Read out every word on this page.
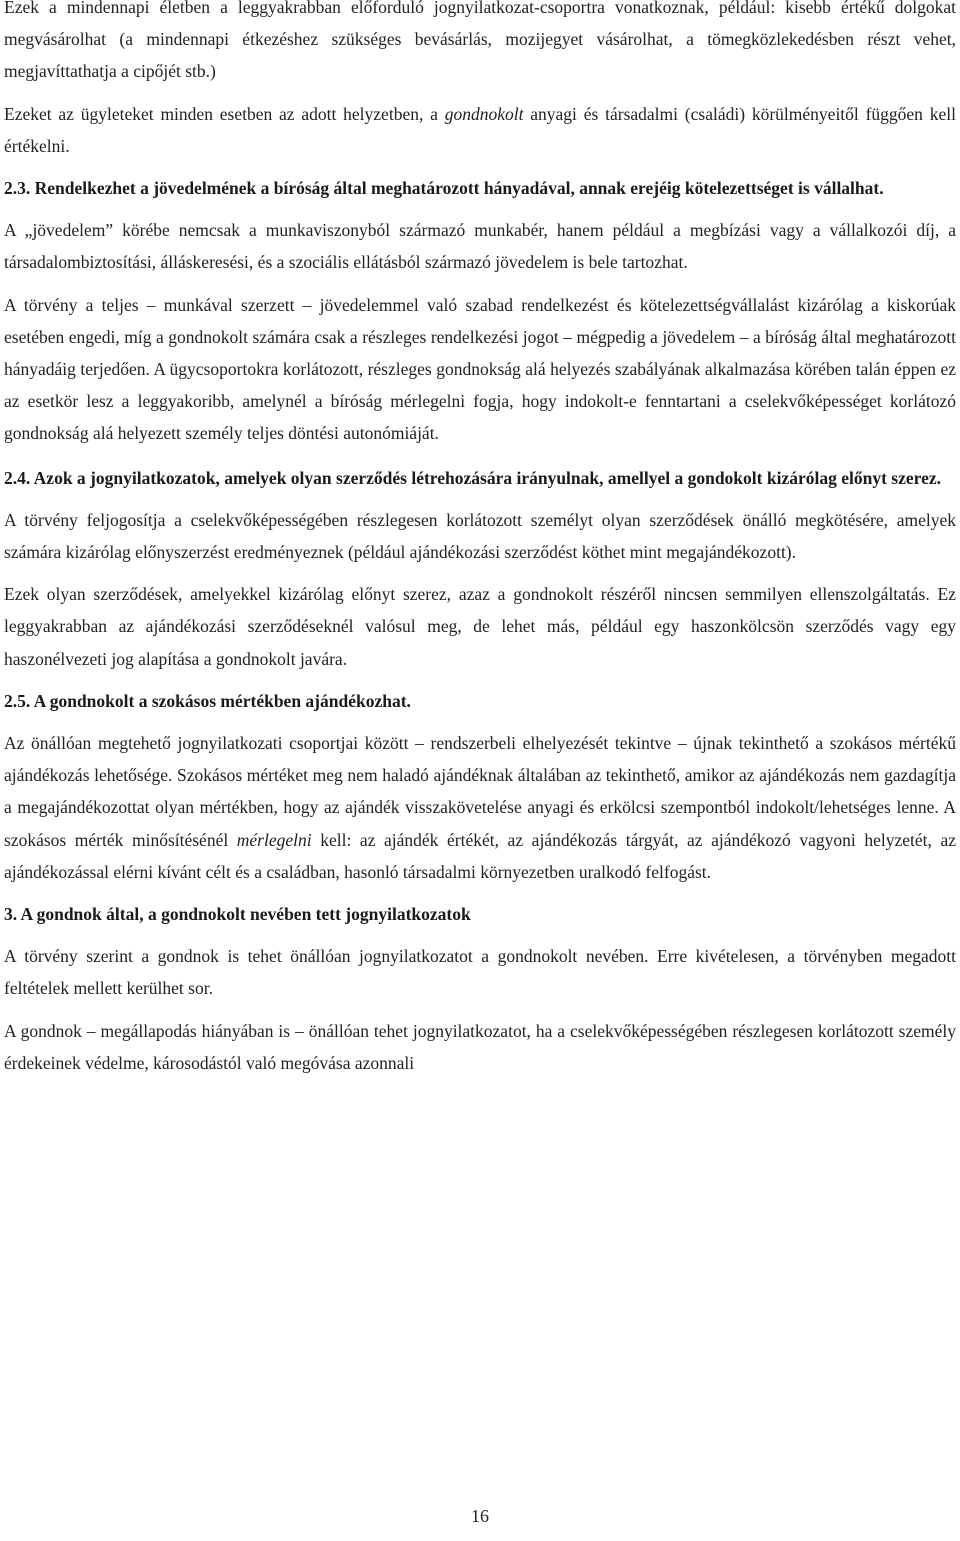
Ezek a mindennapi életben a leggyakrabban előforduló jognyilatkozat-csoportra vonatkoznak, például: kisebb értékű dolgokat megvásárolhat (a mindennapi étkezéshez szükséges bevásárlás, mozijegyet vásárolhat, a tömegközlekedésben részt vehet, megjavíttathatja a cipőjét stb.)

Ezeket az ügyleteket minden esetben az adott helyzetben, a gondnokolt anyagi és társadalmi (családi) körülményeitől függően kell értékelni.

2.3. Rendelkezhet a jövedelmének a bíróság által meghatározott hányadával, annak erejéig kötelezettséget is vállalhat.

A „jövedelem” körébe nemcsak a munkaviszonyból származó munkabér, hanem például a megbízási vagy a vállalkozói díj, a társadalombiztosítási, álláskeresési, és a szociális ellátásból származó jövedelem is bele tartozhat.

A törvény a teljes – munkával szerzett – jövedelemmel való szabad rendelkezést és kötelezettségvállalást kizárólag a kiskorúak esetében engedi, míg a gondnokolt számára csak a részleges rendelkezési jogot – mégpedig a jövedelem – a bíróság által meghatározott hányadáig terjedően. A ügycsoportokra korlátozott, részleges gondnokság alá helyezés szabályának alkalmazása körében talán éppen ez az esetkör lesz a leggyakoribb, amelynél a bíróság mérlegelni fogja, hogy indokolt-e fenntartani a cselekvőképességet korlátozó gondnokság alá helyezett személy teljes döntési autonómiáját.

2.4. Azok a jognyilatkozatok, amelyek olyan szerződés létrehozására irányulnak, amellyel a gondokolt kizárólag előnyt szerez.

A törvény feljogosítja a cselekvőképességében részlegesen korlátozott személyt olyan szerződések önálló megkötésére, amelyek számára kizárólag előnyszerzést eredményeznek (például ajándékozási szerződést köthet mint megajándékozott).

Ezek olyan szerződések, amelyekkel kizárólag előnyt szerez, azaz a gondnokolt részéről nincsen semmilyen ellenszolgáltatás. Ez leggyakrabban az ajándékozási szerződéseknél valósul meg, de lehet más, például egy haszonkölcsön szerződés vagy egy haszonélvezeti jog alapítása a gondnokolt javára.

2.5. A gondnokolt a szokásos mértékben ajándékozhat.

Az önállóan megtehető jognyilatkozati csoportjai között – rendszerbeli elhelyezését tekintve – újnak tekinthető a szokásos mértékű ajándékozás lehetősége. Szokásos mértéket meg nem haladó ajándéknak általában az tekinthető, amikor az ajándékozás nem gazdagítja a megajándékozottat olyan mértékben, hogy az ajándék visszakövetelése anyagi és erkölcsi szempontból indokolt/lehetséges lenne. A szokásos mérték minősítésénél mérlegelni kell: az ajándék értékét, az ajándékozás tárgyát, az ajándékozó vagyoni helyzetét, az ajándékozással elérni kívánt célt és a családban, hasonló társadalmi környezetben uralkodó felfogást.

3. A gondnok által, a gondnokolt nevében tett jognyilatkozatok

A törvény szerint a gondnok is tehet önállóan jognyilatkozatot a gondnokolt nevében. Erre kivételesen, a törvényben megadott feltételek mellett kerülhet sor.

A gondnok – megállapodás hiányában is – önállóan tehet jognyilatkozatot, ha a cselekvőképességében részlegesen korlátozott személy érdekeinek védelme, károsodástól való megóvása azonnali

16
